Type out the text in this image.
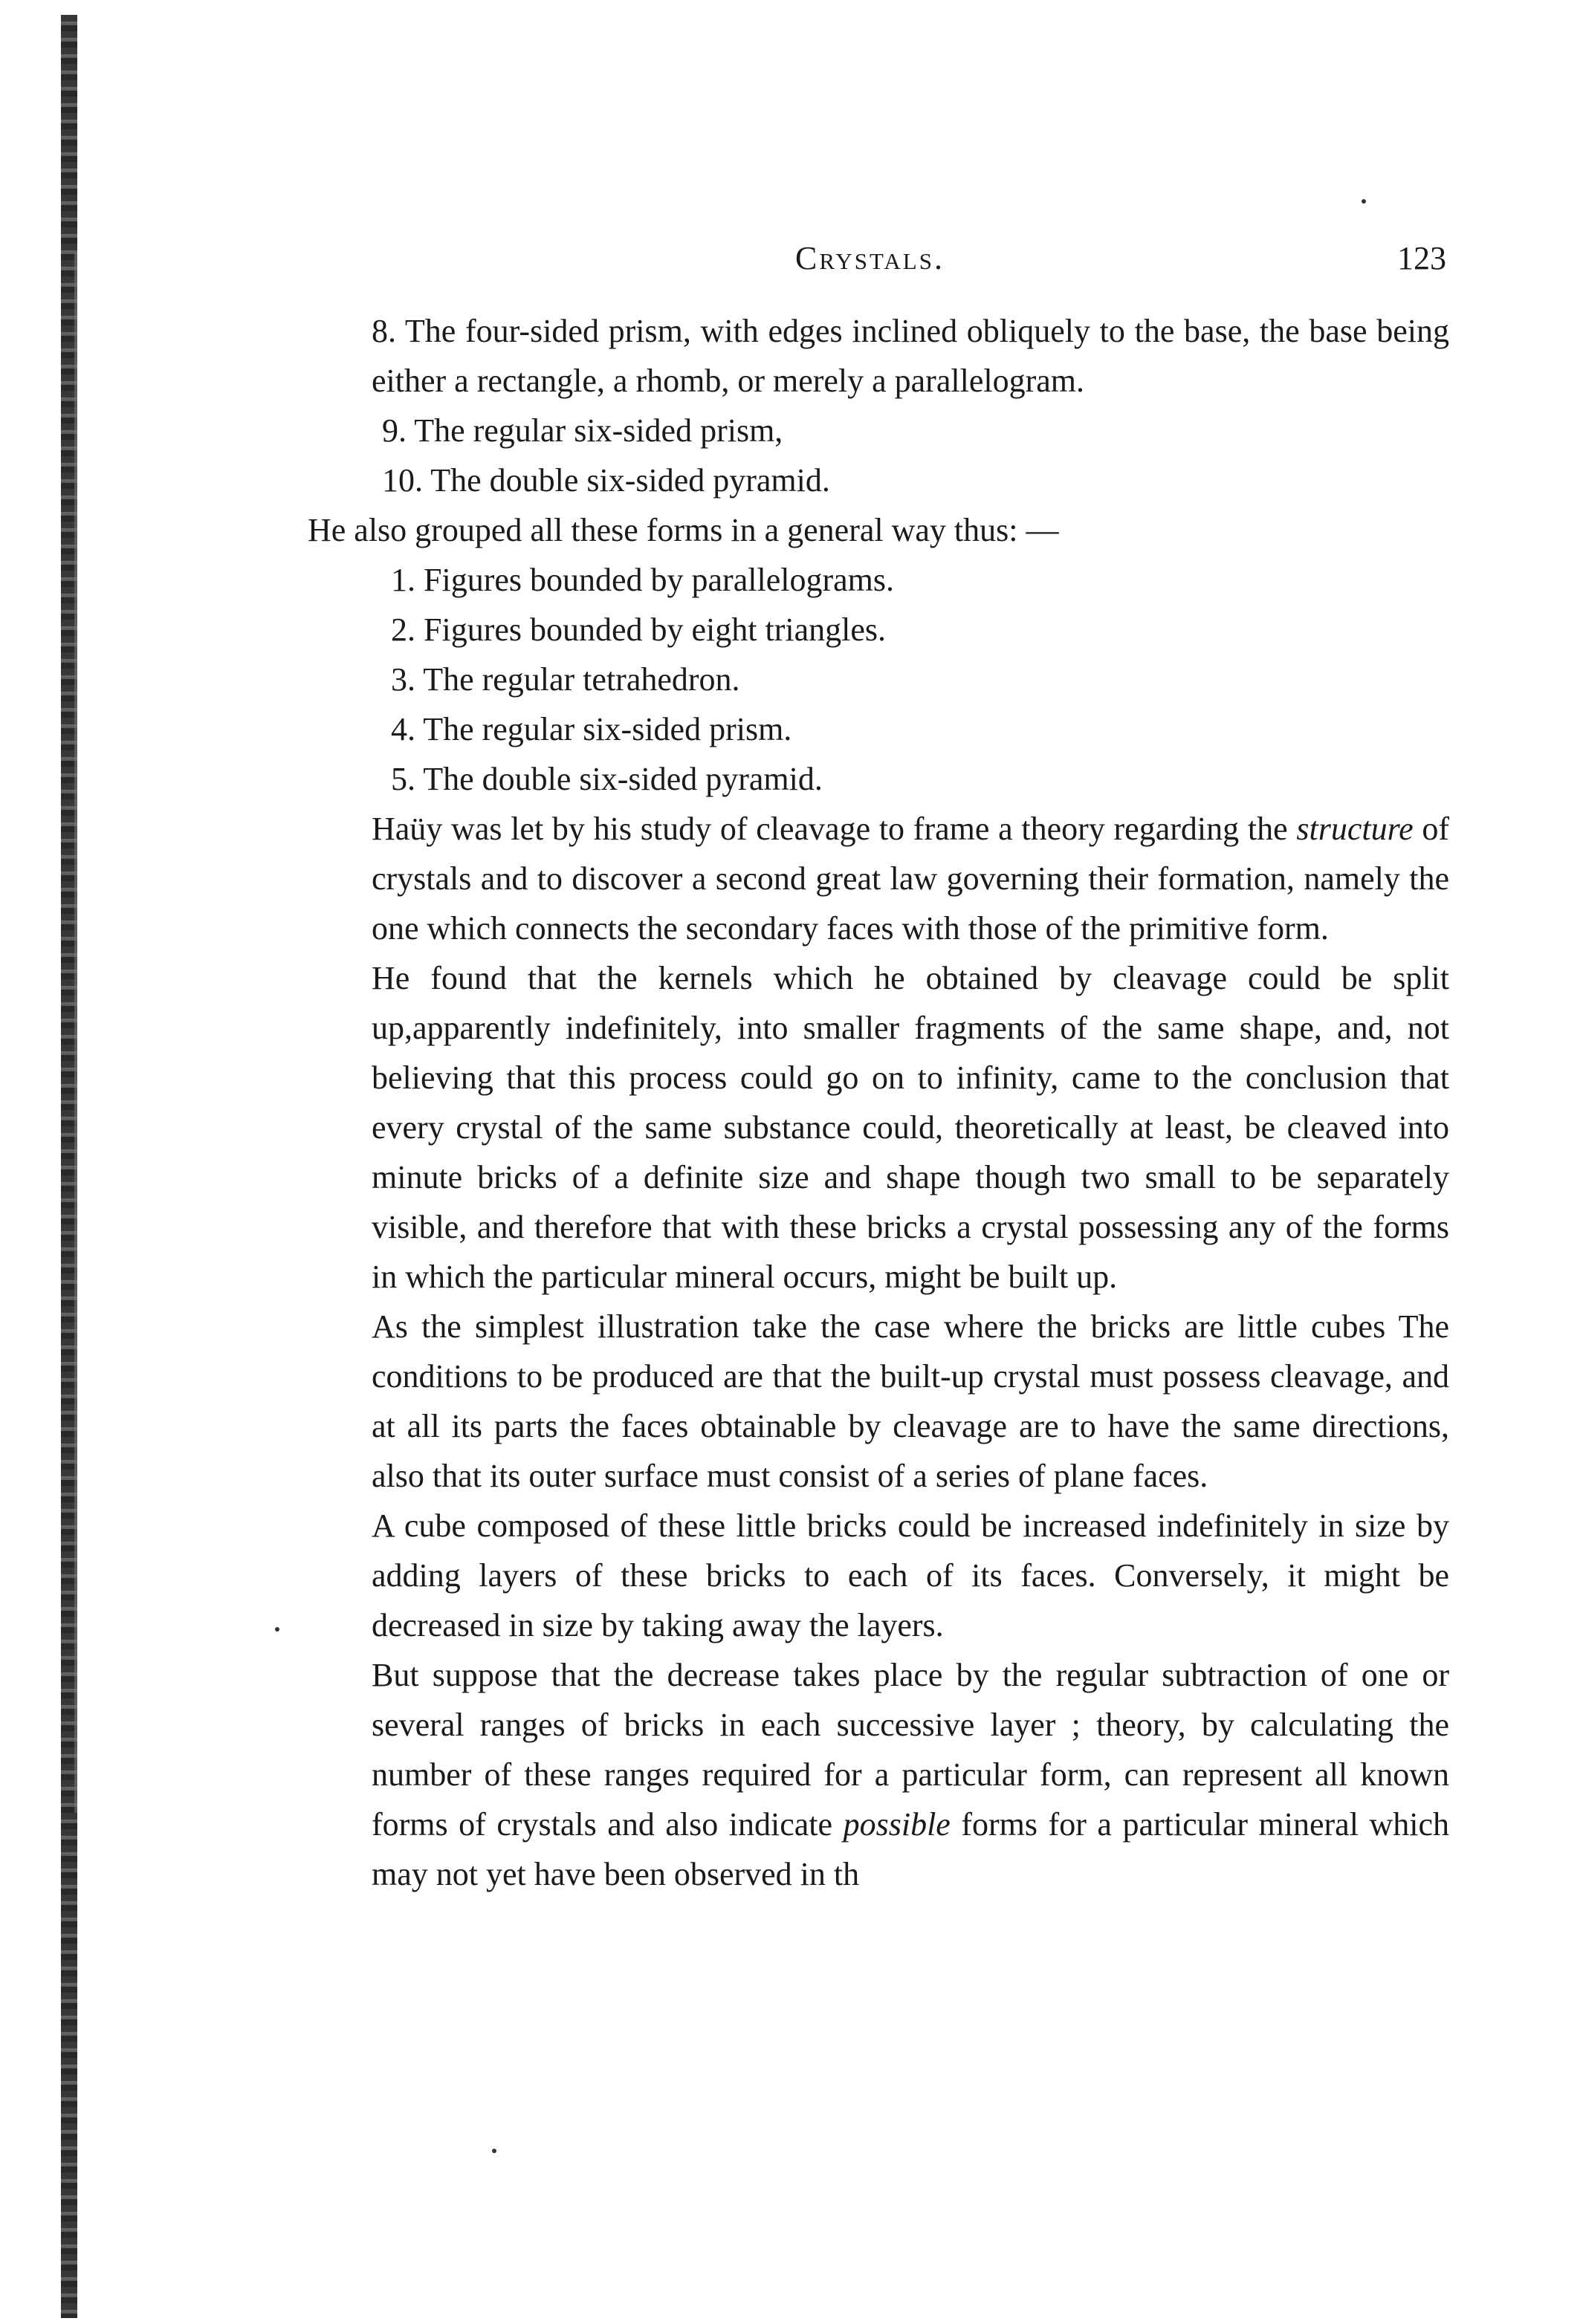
Crystals.	123

8. The four-sided prism, with edges inclined obliquely to the base, the base being either a rectangle, a rhomb, or merely a parallelogram.

9. The regular six-sided prism,

10. The double six-sided pyramid.

He also grouped all these forms in a general way thus: —

1. Figures bounded by parallelograms.

2. Figures bounded by eight triangles.

3. The regular tetrahedron.

4. The regular six-sided prism.

5. The double six-sided pyramid.

Haüy was let by his study of cleavage to frame a theory regarding the structure of crystals and to discover a second great law governing their formation, namely the one which connects the secondary faces with those of the primitive form.

He found that the kernels which he obtained by cleavage could be split up,apparently indefinitely, into smaller fragments of the same shape, and, not believing that this process could go on to infinity, came to the conclusion that every crystal of the same substance could, theoretically at least, be cleaved into minute bricks of a definite size and shape though two small to be separately visible, and therefore that with these bricks a crystal possessing any of the forms in which the particular mineral occurs, might be built up.

As the simplest illustration take the case where the bricks are little cubes The conditions to be produced are that the built-up crystal must possess cleavage, and at all its parts the faces obtainable by cleavage are to have the same directions, also that its outer surface must consist of a series of plane faces.

A cube composed of these little bricks could be increased indefinitely in size by adding layers of these bricks to each of its faces. Conversely, it might be decreased in size by taking away the layers.

But suppose that the decrease takes place by the regular subtraction of one or several ranges of bricks in each successive layer ; theory, by calculating the number of these ranges required for a particular form, can represent all known forms of crystals and also indicate possible forms for a particular mineral which may not yet have been observed in th
